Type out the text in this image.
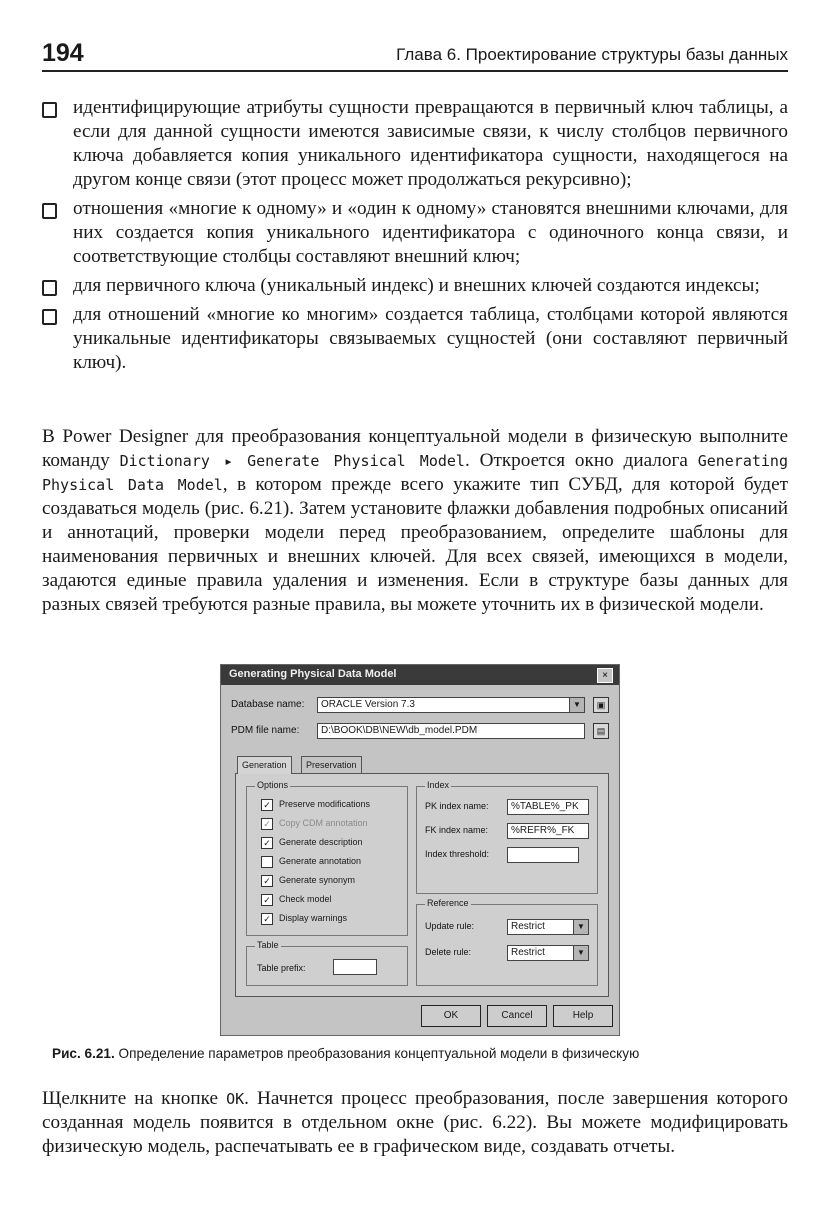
194	Глава 6. Проектирование структуры базы данных

идентифицирующие атрибуты сущности превращаются в первичный ключ таблицы, а если для данной сущности имеются зависимые связи, к числу столбцов первичного ключа добавляется копия уникального идентификатора сущности, находящегося на другом конце связи (этот процесс может продолжаться рекурсивно);

отношения «многие к одному» и «один к одному» становятся внешними ключами, для них создается копия уникального идентификатора с одиночного конца связи, и соответствующие столбцы составляют внешний ключ;

для первичного ключа (уникальный индекс) и внешних ключей создаются индексы;

для отношений «многие ко многим» создается таблица, столбцами которой являются уникальные идентификаторы связываемых сущностей (они составляют первичный ключ).

В Power Designer для преобразования концептуальной модели в физическую выполните команду Dictionary ▸ Generate Physical Model. Откроется окно диалога Generating Physical Data Model, в котором прежде всего укажите тип СУБД, для которой будет создаваться модель (рис. 6.21). Затем установите флажки добавления подробных описаний и аннотаций, проверки модели перед преобразованием, определите шаблоны для наименования первичных и внешних ключей. Для всех связей, имеющихся в модели, задаются единые правила удаления и изменения. Если в структуре базы данных для разных связей требуются разные правила, вы можете уточнить их в физической модели.

Generating Physical Data Model	×
Database name:	ORACLE Version 7.3	▼	▣
PDM file name:	D:\BOOK\DB\NEW\db_model.PDM	▤
Generation	Preservation
Options
✓ Preserve modifications
✓ Copy CDM annotation
✓ Generate description
Generate annotation
✓ Generate synonym
✓ Check model
✓ Display warnings
Table
Table prefix:
Index
PK index name:	%TABLE%_PK
FK index name:	%REFR%_FK
Index threshold:
Reference
Update rule:	Restrict	▼
Delete rule:	Restrict	▼
OK	Cancel	Help
Рис. 6.21. Определение параметров преобразования концептуальной модели в физическую

Щелкните на кнопке OK. Начнется процесс преобразования, после завершения которого созданная модель появится в отдельном окне (рис. 6.22). Вы можете модифицировать физическую модель, распечатывать ее в графическом виде, создавать отчеты.
